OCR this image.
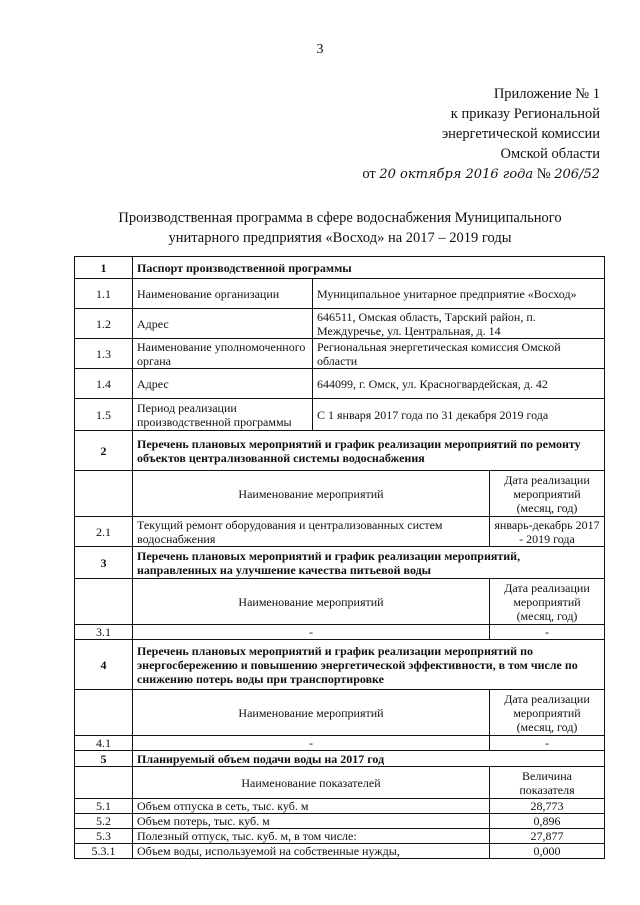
3
Приложение № 1
к приказу Региональной
энергетической комиссии
Омской области
от 20 октября 2016 года № 206/52
Производственная программа в сфере водоснабжения Муниципального
унитарного предприятия «Восход» на 2017 – 2019 годы
1	Паспорт производственной программы		
1.1	Наименование организации	Муниципальное унитарное предприятие «Восход»	
1.2	Адрес	646511, Омская область, Тарский район, п. Междуречье, ул. Центральная, д. 14	
1.3	Наименование уполномоченного органа	Региональная энергетическая комиссия Омской области	
1.4	Адрес	644099, г. Омск, ул. Красногвардейская, д. 42	
1.5	Период реализации производственной программы	С 1 января 2017 года по 31 декабря 2019 года	
2	Перечень плановых мероприятий и график реализации мероприятий по ремонту объектов централизованной системы водоснабжения		
	Наименование мероприятий		Дата реализации мероприятий (месяц, год)
2.1	Текущий ремонт оборудования и централизованных систем водоснабжения		январь-декабрь 2017 - 2019 года
3	Перечень плановых мероприятий и график реализации мероприятий, направленных на улучшение качества питьевой воды		
	Наименование мероприятий		Дата реализации мероприятий (месяц, год)
3.1	-		-
4	Перечень плановых мероприятий и график реализации мероприятий по энергосбережению и повышению энергетической эффективности, в том числе по снижению потерь воды при транспортировке		
	Наименование мероприятий		Дата реализации мероприятий (месяц, год)
4.1	-		-
5	Планируемый объем подачи воды на 2017 год		
	Наименование показателей		Величина показателя
5.1	Объем отпуска в сеть, тыс. куб. м		28,773
5.2	Объем потерь, тыс. куб. м		0,896
5.3	Полезный отпуск, тыс. куб. м, в том числе:		27,877
5.3.1	Объем воды, используемой на собственные нужды,		0,000
